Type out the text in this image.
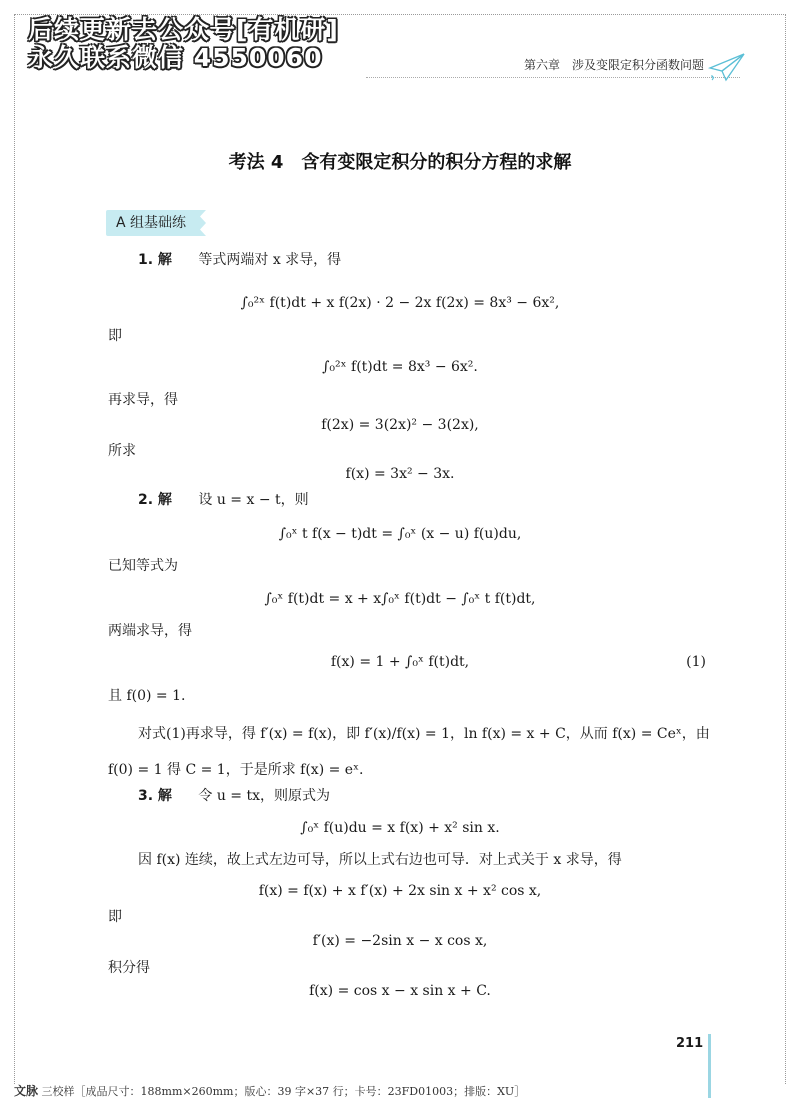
后续更新去公众号[有机研]
永久联系微信 4550060	第六章　涉及变限定积分函数问题
考法 4　含有变限定积分的积分方程的求解
A 组基础练
1. 解 等式两端对 x 求导，得
∫₀²ˣ f(t)dt + x f(2x) · 2 − 2x f(2x) = 8x³ − 6x²,
即
∫₀²ˣ f(t)dt = 8x³ − 6x².
再求导，得
f(2x) = 3(2x)² − 3(2x),
所求
f(x) = 3x² − 3x.
2. 解 设 u = x − t，则
∫₀ˣ t f(x − t)dt = ∫₀ˣ (x − u) f(u)du,
已知等式为
∫₀ˣ f(t)dt = x + x∫₀ˣ f(t)dt − ∫₀ˣ t f(t)dt,
两端求导，得
f(x) = 1 + ∫₀ˣ f(t)dt,	(1)
且 f(0) = 1.
对式(1)再求导，得 f′(x) = f(x)，即 f′(x)/f(x) = 1，ln f(x) = x + C，从而 f(x) = Ceˣ，由
f(0) = 1 得 C = 1，于是所求 f(x) = eˣ.
3. 解 令 u = tx，则原式为
∫₀ˣ f(u)du = x f(x) + x² sin x.
因 f(x) 连续，故上式左边可导，所以上式右边也可导．对上式关于 x 求导，得
f(x) = f(x) + x f′(x) + 2x sin x + x² cos x,
即
f′(x) = −2sin x − x cos x,
积分得
f(x) = cos x − x sin x + C.
211
文脉 三校样［成品尺寸：188mm×260mm；版心：39 字×37 行；卡号：23FD01003；排版：XU］
